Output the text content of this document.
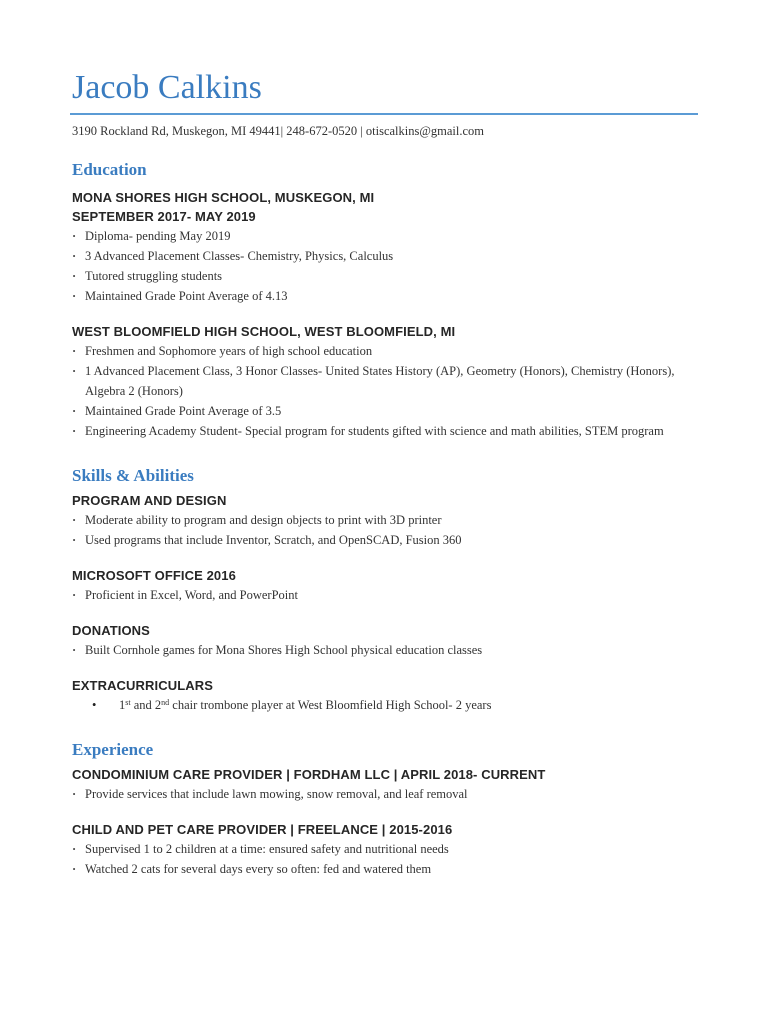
Jacob Calkins
3190 Rockland Rd, Muskegon, MI 49441| 248-672-0520 | otiscalkins@gmail.com
Education

MONA SHORES HIGH SCHOOL, MUSKEGON, MI

SEPTEMBER 2017- MAY 2019

· Diploma- pending May 2019
· 3 Advanced Placement Classes- Chemistry, Physics, Calculus
· Tutored struggling students
· Maintained Grade Point Average of 4.13

WEST BLOOMFIELD HIGH SCHOOL, WEST BLOOMFIELD, MI

· Freshmen and Sophomore years of high school education
· 1 Advanced Placement Class, 3 Honor Classes- United States History (AP), Geometry (Honors), Chemistry (Honors), Algebra 2 (Honors)
· Maintained Grade Point Average of 3.5
· Engineering Academy Student- Special program for students gifted with science and math abilities, STEM program
Skills & Abilities

PROGRAM AND DESIGN

· Moderate ability to program and design objects to print with 3D printer
· Used programs that include Inventor, Scratch, and OpenSCAD, Fusion 360

MICROSOFT OFFICE 2016

· Proficient in Excel, Word, and PowerPoint

DONATIONS

· Built Cornhole games for Mona Shores High School physical education classes

EXTRACURRICULARS

• 1st and 2nd chair trombone player at West Bloomfield High School- 2 years
Experience

CONDOMINIUM CARE PROVIDER | FORDHAM LLC | APRIL 2018- CURRENT

· Provide services that include lawn mowing, snow removal, and leaf removal

CHILD AND PET CARE PROVIDER | FREELANCE | 2015-2016

· Supervised 1 to 2 children at a time: ensured safety and nutritional needs
· Watched 2 cats for several days every so often: fed and watered them
